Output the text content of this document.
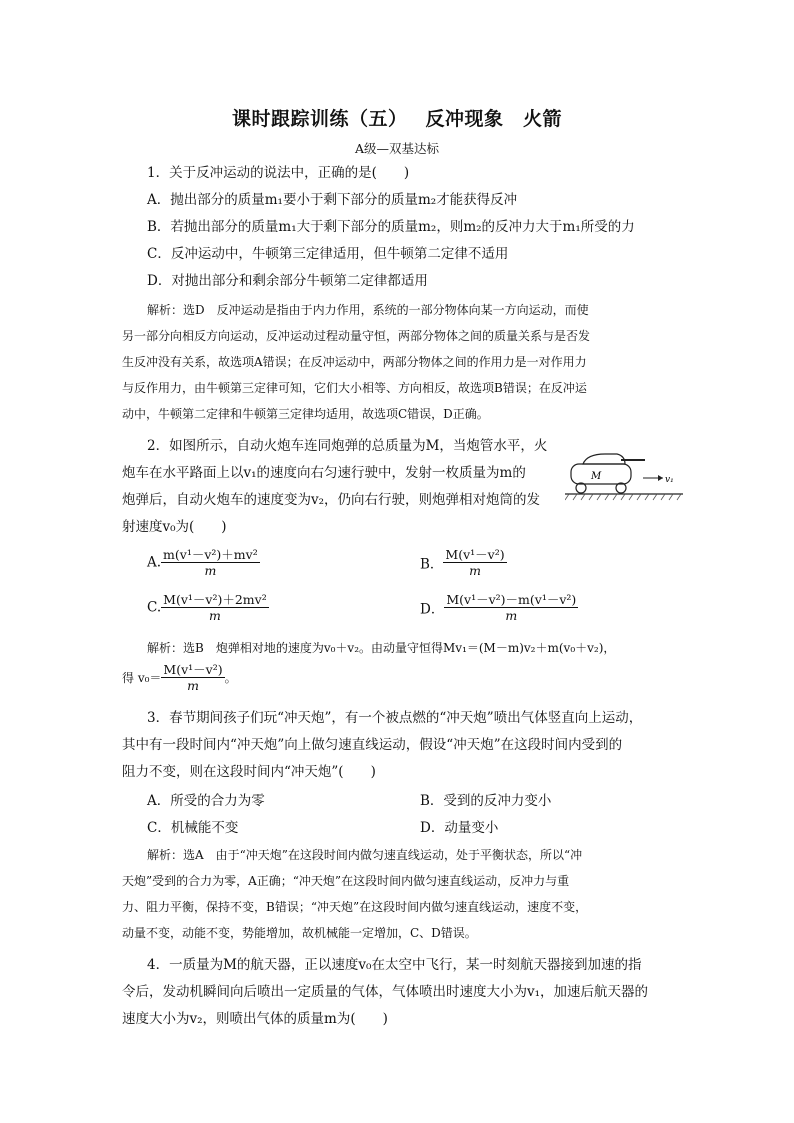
课时跟踪训练（五） 反冲现象　火箭
A级—双基达标
1．关于反冲运动的说法中，正确的是(　　)
A．抛出部分的质量m₁要小于剩下部分的质量m₂才能获得反冲
B．若抛出部分的质量m₁大于剩下部分的质量m₂，则m₂的反冲力大于m₁所受的力
C．反冲运动中，牛顿第三定律适用，但牛顿第二定律不适用
D．对抛出部分和剩余部分牛顿第二定律都适用
解析：选D　反冲运动是指由于内力作用，系统的一部分物体向某一方向运动，而使
另一部分向相反方向运动，反冲运动过程动量守恒，两部分物体之间的质量关系与是否发
生反冲没有关系，故选项A错误；在反冲运动中，两部分物体之间的作用力是一对作用力
与反作用力，由牛顿第三定律可知，它们大小相等、方向相反，故选项B错误；在反冲运
动中，牛顿第二定律和牛顿第三定律均适用，故选项C错误，D正确。
2．如图所示，自动火炮车连同炮弹的总质量为M，当炮管水平，火
炮车在水平路面上以v₁的速度向右匀速行驶中，发射一枚质量为m的
炮弹后，自动火炮车的速度变为v₂，仍向右行驶，则炮弹相对炮筒的发
射速度v₀为(　　)
M	v₁
A. $\frac{\text{m(v¹－v²)＋mv²}}{m}$	B． $\frac{\text{M(v¹－v²)}}{m}$
C. $\frac{\text{M(v¹－v²)＋2mv²}}{m}$	D． $\frac{\text{M(v¹－v²)－m(v¹－v²)}}{m}$
解析：选B　炮弹相对地的速度为v₀＋v₂。由动量守恒得Mv₁＝(M－m)v₂＋m(v₀＋v₂)，
得 $v_0= \frac{\text{M(v¹－v²)}}{m}$ 。
3．春节期间孩子们玩“冲天炮”，有一个被点燃的“冲天炮”喷出气体竖直向上运动，
其中有一段时间内“冲天炮”向上做匀速直线运动，假设“冲天炮”在这段时间内受到的
阻力不变，则在这段时间内“冲天炮”(　　)
A．所受的合力为零	B．受到的反冲力变小
C．机械能不变	D．动量变小
解析：选A　由于“冲天炮”在这段时间内做匀速直线运动，处于平衡状态，所以“冲
天炮”受到的合力为零，A正确；“冲天炮”在这段时间内做匀速直线运动，反冲力与重
力、阻力平衡，保持不变，B错误；“冲天炮”在这段时间内做匀速直线运动，速度不变，
动量不变，动能不变，势能增加，故机械能一定增加，C、D错误。
4．一质量为M的航天器，正以速度v₀在太空中飞行，某一时刻航天器接到加速的指
令后，发动机瞬间向后喷出一定质量的气体，气体喷出时速度大小为v₁，加速后航天器的
速度大小为v₂，则喷出气体的质量m为(　　)
